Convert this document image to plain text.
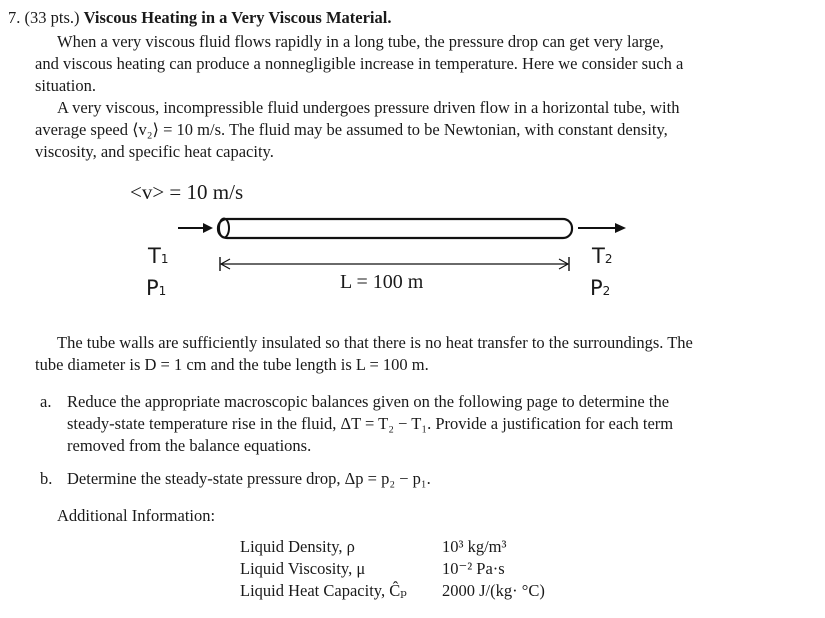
7. (33 pts.) Viscous Heating in a Very Viscous Material.
When a very viscous fluid flows rapidly in a long tube, the pressure drop can get very large,
and viscous heating can produce a nonnegligible increase in temperature. Here we consider such a
situation.
A very viscous, incompressible fluid undergoes pressure driven flow in a horizontal tube, with
average speed ⟨v₂⟩ = 10 m/s. The fluid may be assumed to be Newtonian, with constant density,
viscosity, and specific heat capacity.
<v> = 10 m/s
T1
P1
T2
P2
L = 100 m
The tube walls are sufficiently insulated so that there is no heat transfer to the surroundings. The
tube diameter is D = 1 cm and the tube length is L = 100 m.
a. Reduce the appropriate macroscopic balances given on the following page to determine the
steady-state temperature rise in the fluid, ΔT = T₂ − T₁. Provide a justification for each term
removed from the balance equations.
b. Determine the steady-state pressure drop, Δp = p₂ − p₁.
Additional Information:
Liquid Density, ρ	10³ kg/m³
Liquid Viscosity, μ	10⁻² Pa·s
Liquid Heat Capacity, Ĉₚ 2000 J/(kg· °C)
